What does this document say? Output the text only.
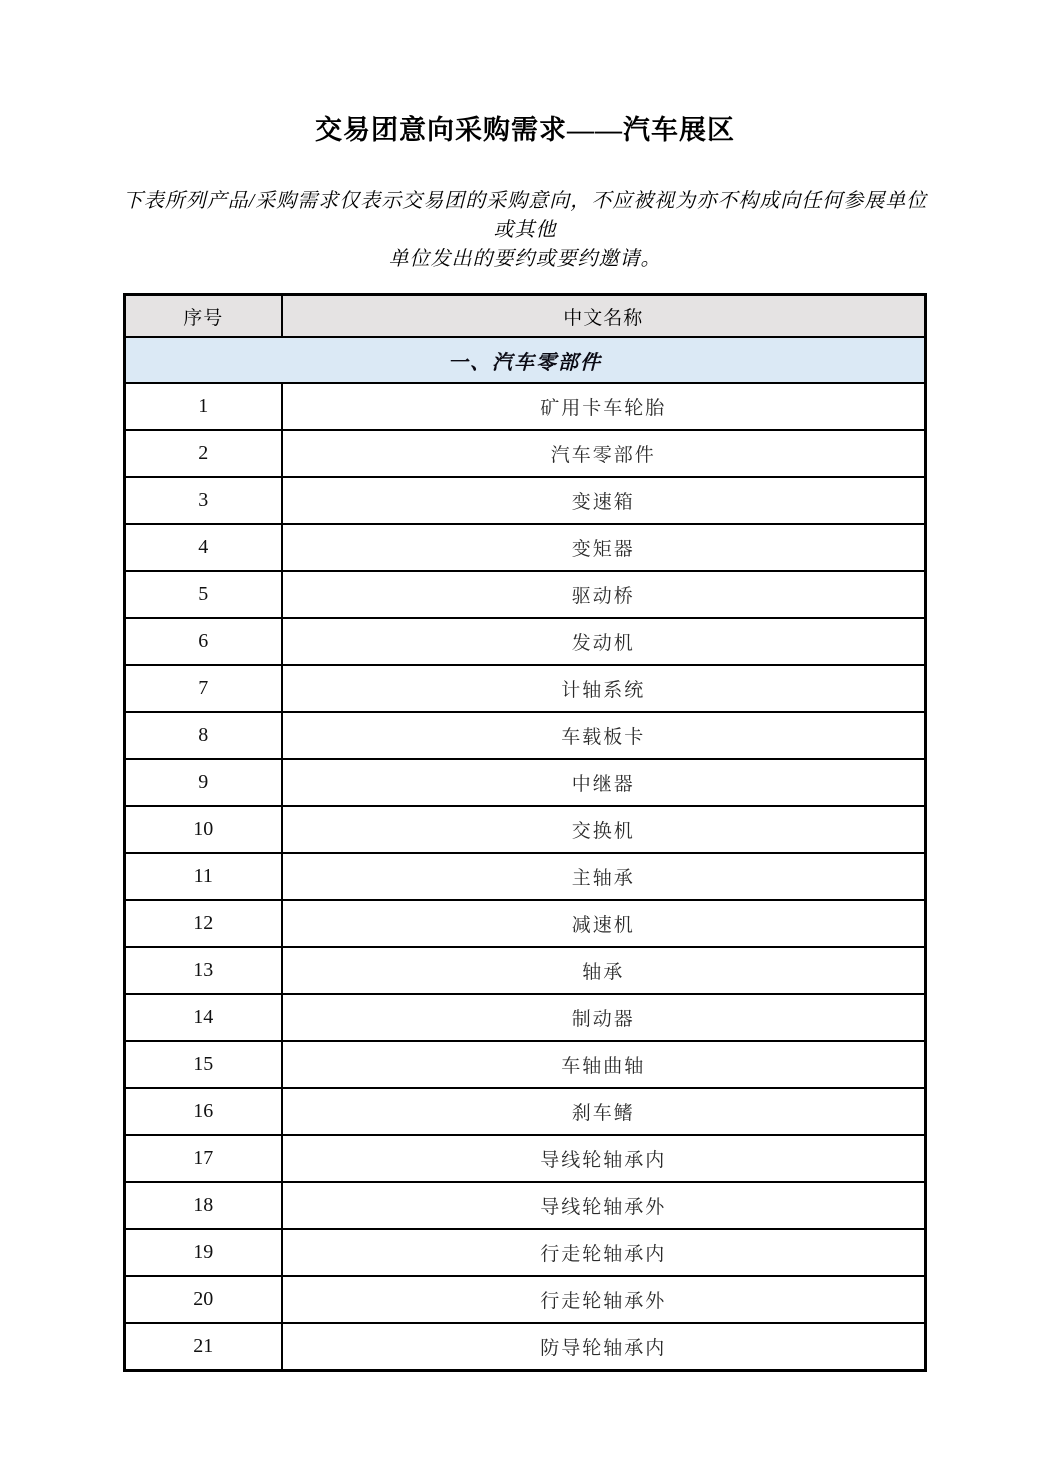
交易团意向采购需求——汽车展区
下表所列产品/采购需求仅表示交易团的采购意向，不应被视为亦不构成向任何参展单位或其他
单位发出的要约或要约邀请。
序号	中文名称
一、汽车零部件	
1	矿用卡车轮胎
2	汽车零部件
3	变速箱
4	变矩器
5	驱动桥
6	发动机
7	计轴系统
8	车载板卡
9	中继器
10	交换机
11	主轴承
12	减速机
13	轴承
14	制动器
15	车轴曲轴
16	刹车鳍
17	导线轮轴承内
18	导线轮轴承外
19	行走轮轴承内
20	行走轮轴承外
21	防导轮轴承内
